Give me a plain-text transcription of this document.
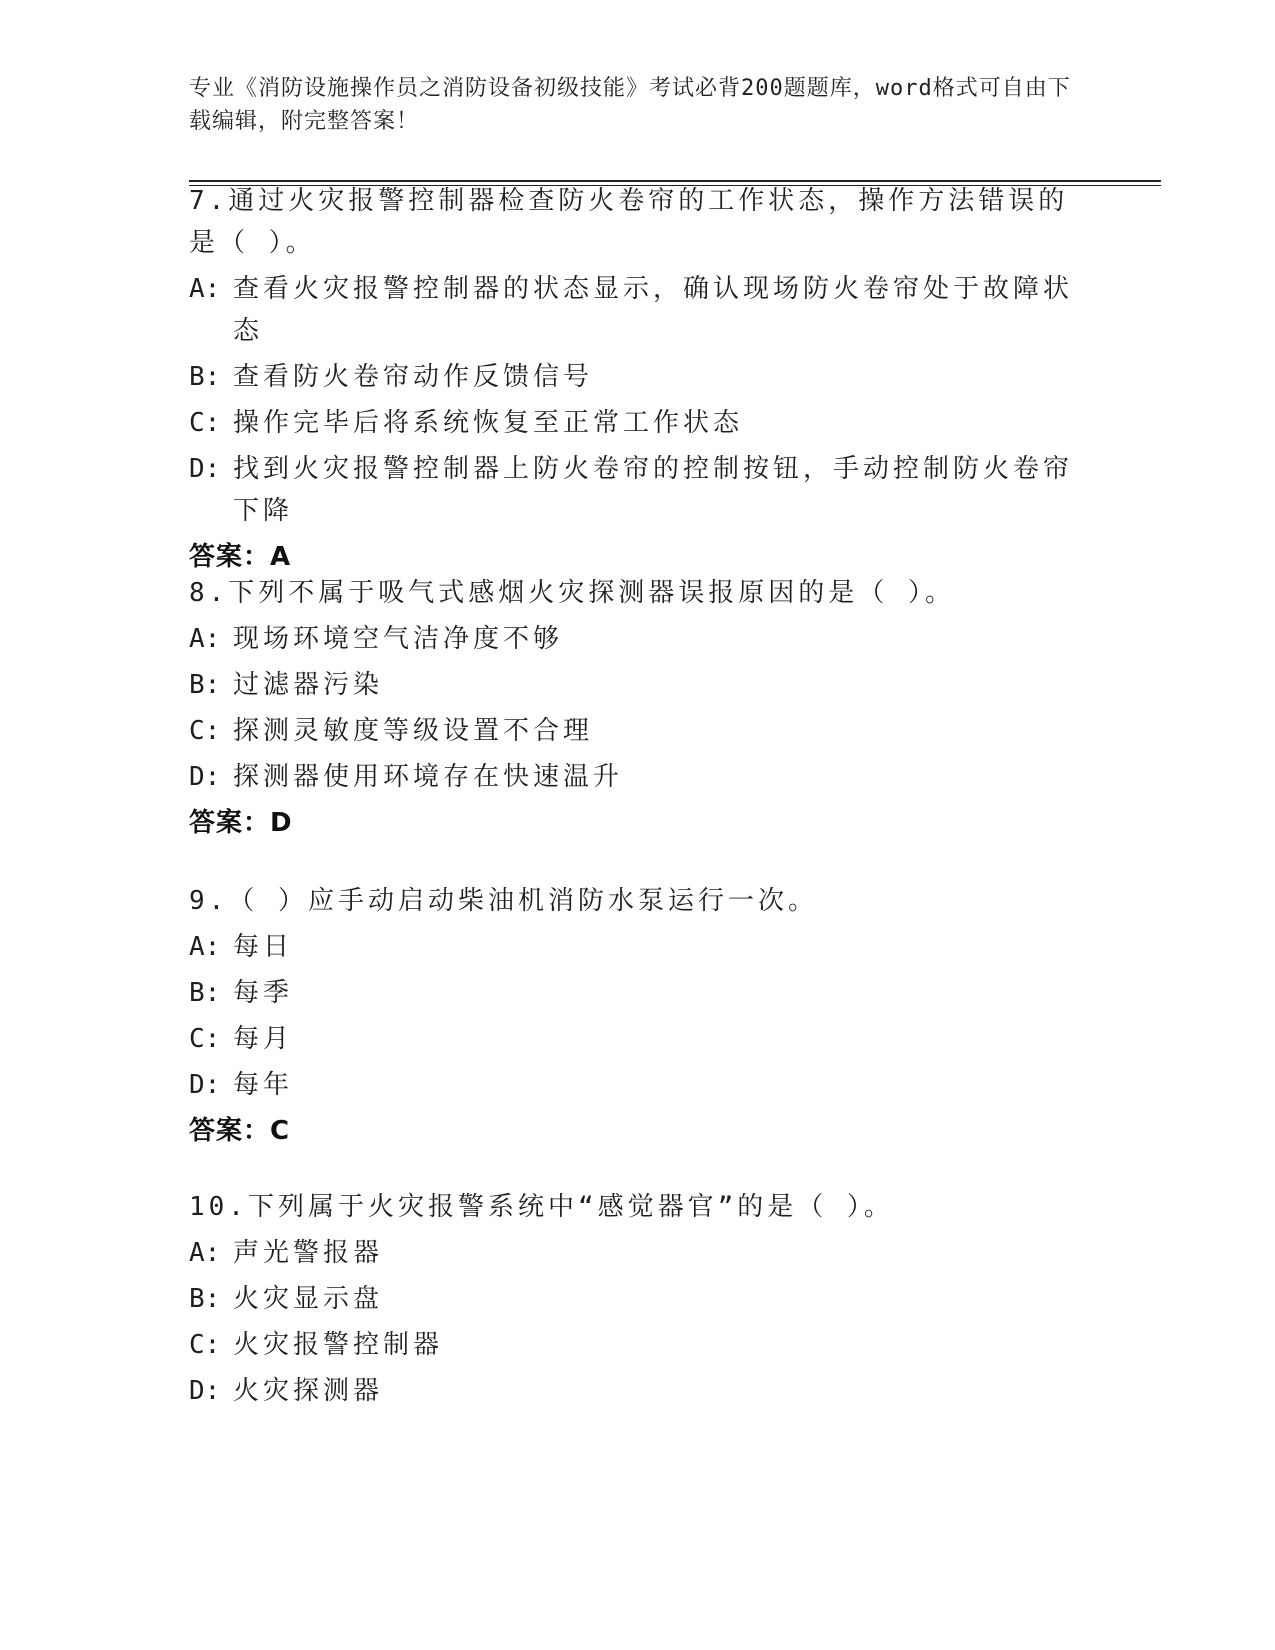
专业《消防设施操作员之消防设备初级技能》考试必背200题题库，word格式可自由下载编辑，附完整答案！

7.通过火灾报警控制器检查防火卷帘的工作状态，操作方法错误的是（ ）。

A: 查看火灾报警控制器的状态显示，确认现场防火卷帘处于故障状态
B: 查看防火卷帘动作反馈信号
C: 操作完毕后将系统恢复至正常工作状态
D: 找到火灾报警控制器上防火卷帘的控制按钮，手动控制防火卷帘下降

答案：A

8.下列不属于吸气式感烟火灾探测器误报原因的是（ ）。

A: 现场环境空气洁净度不够
B: 过滤器污染
C: 探测灵敏度等级设置不合理
D: 探测器使用环境存在快速温升

答案：D

9.（ ）应手动启动柴油机消防水泵运行一次。

A: 每日
B: 每季
C: 每月
D: 每年

答案：C

10.下列属于火灾报警系统中“感觉器官”的是（ ）。

A: 声光警报器
B: 火灾显示盘
C: 火灾报警控制器
D: 火灾探测器
